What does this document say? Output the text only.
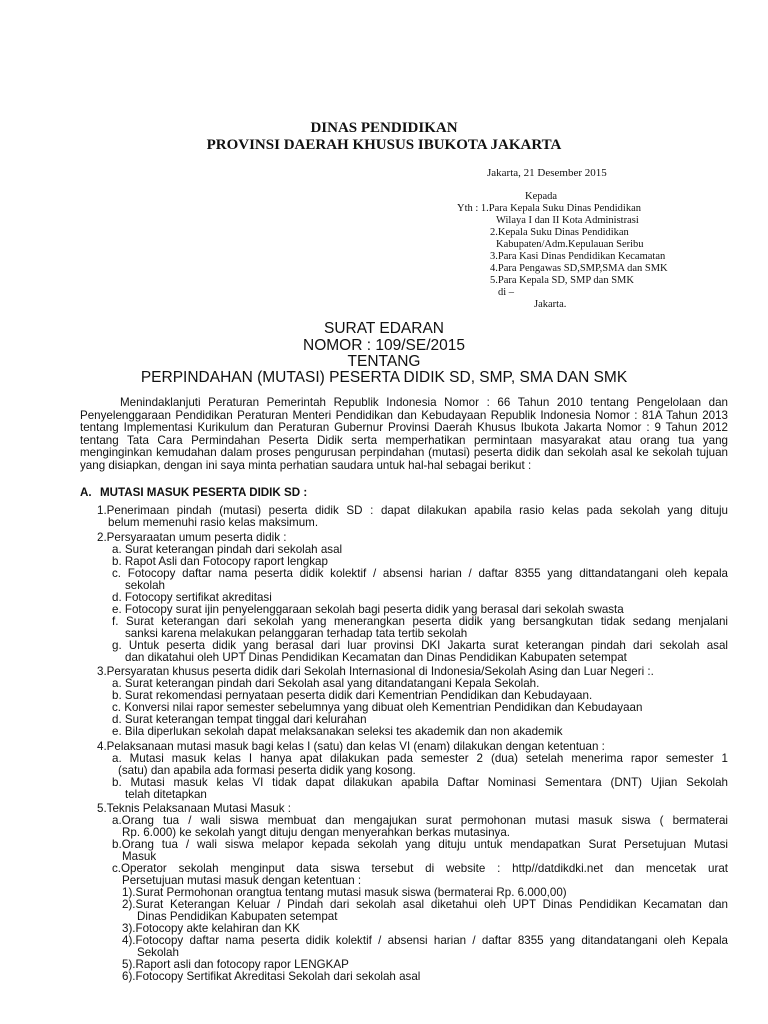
DINAS PENDIDIKAN
PROVINSI DAERAH KHUSUS IBUKOTA JAKARTA
Jakarta, 21 Desember 2015
Kepada
Yth : 1.Para Kepala Suku Dinas Pendidikan
Wilaya I dan II Kota Administrasi
2.Kepala Suku Dinas Pendidikan
Kabupaten/Adm.Kepulauan Seribu
3.Para Kasi Dinas Pendidikan Kecamatan
4.Para Pengawas SD,SMP,SMA dan SMK
5.Para Kepala SD, SMP dan SMK
di –
Jakarta.
SURAT EDARAN
NOMOR : 109/SE/2015
TENTANG
PERPINDAHAN (MUTASI) PESERTA DIDIK SD, SMP, SMA DAN SMK
Menindaklanjuti Peraturan Pemerintah Republik Indonesia Nomor : 66 Tahun 2010 tentang Pengelolaan dan Penyelenggaraan Pendidikan Peraturan Menteri Pendidikan dan Kebudayaan Republik Indonesia Nomor : 81A Tahun 2013 tentang Implementasi Kurikulum dan Peraturan Gubernur Provinsi Daerah Khusus Ibukota Jakarta Nomor : 9 Tahun 2012 tentang Tata Cara Permindahan Peserta Didik serta memperhatikan permintaan masyarakat atau orang tua yang menginginkan kemudahan dalam proses pengurusan perpindahan (mutasi) peserta didik dan sekolah asal ke sekolah tujuan yang disiapkan, dengan ini saya minta perhatian saudara untuk hal-hal sebagai berikut :
A. MUTASI MASUK PESERTA DIDIK SD :
1.Penerimaan pindah (mutasi) peserta didik SD : dapat dilakukan apabila rasio kelas pada sekolah yang dituju
belum memenuhi rasio kelas maksimum.
2.Persyaraatan umum peserta didik :
a. Surat keterangan pindah dari sekolah asal
b. Rapot Asli dan Fotocopy raport lengkap
c. Fotocopy daftar nama peserta didik kolektif / absensi harian / daftar 8355 yang dittandatangani oleh kepala
sekolah
d. Fotocopy sertifikat akreditasi
e. Fotocopy surat ijin penyelenggaraan sekolah bagi peserta didik yang berasal dari sekolah swasta
f. Surat keterangan dari sekolah yang menerangkan peserta didik yang bersangkutan tidak sedang menjalani
sanksi karena melakukan pelanggaran terhadap tata tertib sekolah
g. Untuk peserta didik yang berasal dari luar provinsi DKI Jakarta surat keterangan pindah dari sekolah asal
dan dikatahui oleh UPT Dinas Pendidikan Kecamatan dan Dinas Pendidikan Kabupaten setempat
3.Persyaratan khusus peserta didik dari Sekolah Internasional di Indonesia/Sekolah Asing dan Luar Negeri :.
a. Surat keterangan pindah dari Sekolah asal yang ditandatangani Kepala Sekolah.
b. Surat rekomendasi pernyataan peserta didik dari Kementrian Pendidikan dan Kebudayaan.
c. Konversi nilai rapor semester sebelumnya yang dibuat oleh Kementrian Pendidikan dan Kebudayaan
d. Surat keterangan tempat tinggal dari kelurahan
e. Bila diperlukan sekolah dapat melaksanakan seleksi tes akademik dan non akademik
4.Pelaksanaan mutasi masuk bagi kelas I (satu) dan kelas VI (enam) dilakukan dengan ketentuan :
a. Mutasi masuk kelas I hanya apat dilakukan pada semester 2 (dua) setelah menerima rapor semester 1
(satu) dan apabila ada formasi peserta didik yang kosong.
b. Mutasi masuk kelas VI tidak dapat dilakukan apabila Daftar Nominasi Sementara (DNT) Ujian Sekolah
telah ditetapkan
5.Teknis Pelaksanaan Mutasi Masuk :
a.Orang tua / wali siswa membuat dan mengajukan surat permohonan mutasi masuk siswa ( bermaterai
Rp. 6.000) ke sekolah yangt dituju dengan menyerahkan berkas mutasinya.
b.Orang tua / wali siswa melapor kepada sekolah yang dituju untuk mendapatkan Surat Persetujuan Mutasi
Masuk
c.Operator sekolah menginput data siswa tersebut di website : http//datdikdki.net dan mencetak urat
Persetujuan mutasi masuk dengan ketentuan :
1).Surat Permohonan orangtua tentang mutasi masuk siswa (bermaterai Rp. 6.000,00)
2).Surat Keterangan Keluar / Pindah dari sekolah asal diketahui oleh UPT Dinas Pendidikan Kecamatan dan
Dinas Pendidikan Kabupaten setempat
3).Fotocopy akte kelahiran dan KK
4).Fotocopy daftar nama peserta didik kolektif / absensi harian / daftar 8355 yang ditandatangani oleh Kepala
Sekolah
5).Raport asli dan fotocopy rapor LENGKAP
6).Fotocopy Sertifikat Akreditasi Sekolah dari sekolah asal
